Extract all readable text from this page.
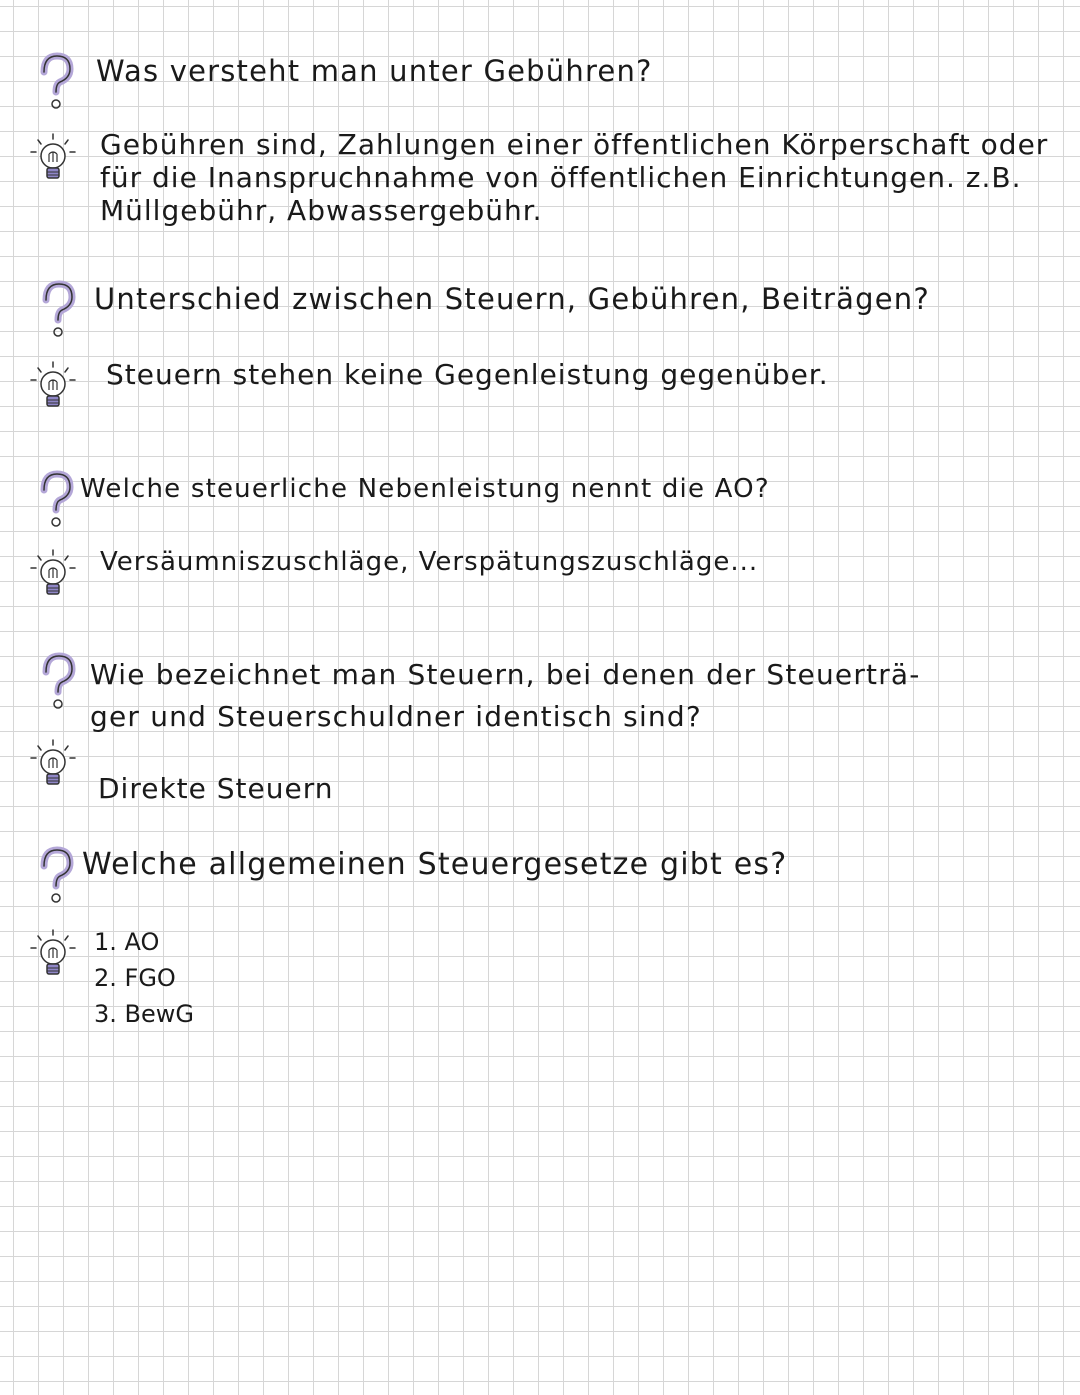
Was versteht man unter Gebühren?
Gebühren sind, Zahlungen einer öffentlichen Körperschaft oder
für die Inanspruchnahme von öffentlichen Einrichtungen. z.B.
Müllgebühr, Abwassergebühr.
Unterschied zwischen Steuern, Gebühren, Beiträgen?
Steuern stehen keine Gegenleistung gegenüber.
Welche steuerliche Nebenleistung nennt die AO?
Versäumniszuschläge, Verspätungszuschläge...
Wie bezeichnet man Steuern, bei denen der Steuerträ-
ger und Steuerschuldner identisch sind?
Direkte Steuern
Welche allgemeinen Steuergesetze gibt es?
1. AO
2. FGO
3. BewG
